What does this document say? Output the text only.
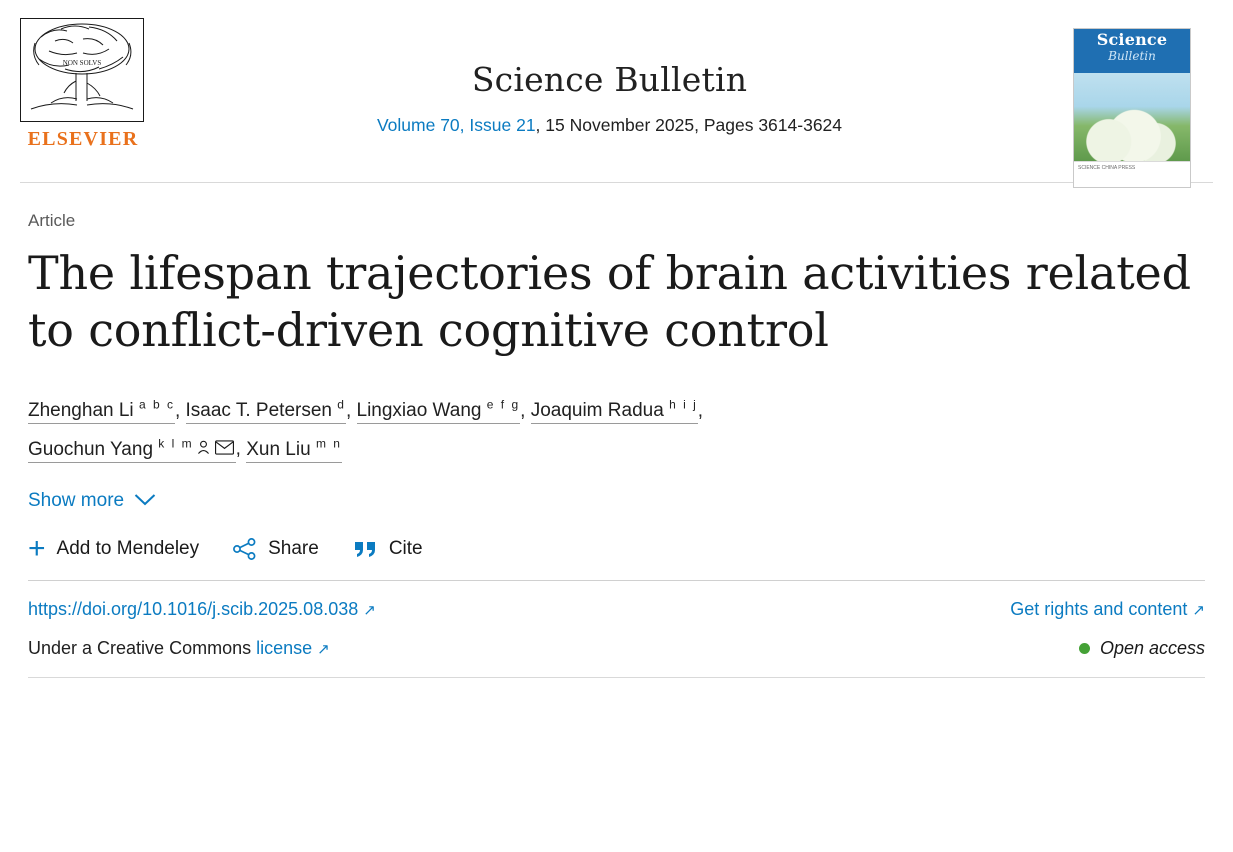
NON SOLVS
ELSEVIER
Science Bulletin
Volume 70, Issue 21, 15 November 2025, Pages 3614-3624
Science
Bulletin
SCIENCE CHINA PRESS
Article
The lifespan trajectories of brain activities related to conflict-driven cognitive control
Zhenghan Li $^{a b c}$, Isaac T. Petersen $^d$, Lingxiao Wang $^{e f g}$, Joaquim Radua $^{h i j}$,
Guochun Yang $^{k l m}$ , Xun Liu $^{m n}$
Show more
+ Add to Mendeley	Share	Cite
https://doi.org/10.1016/j.scib.2025.08.038 ↗	Get rights and content ↗
Under a Creative Commons license ↗	Open access
